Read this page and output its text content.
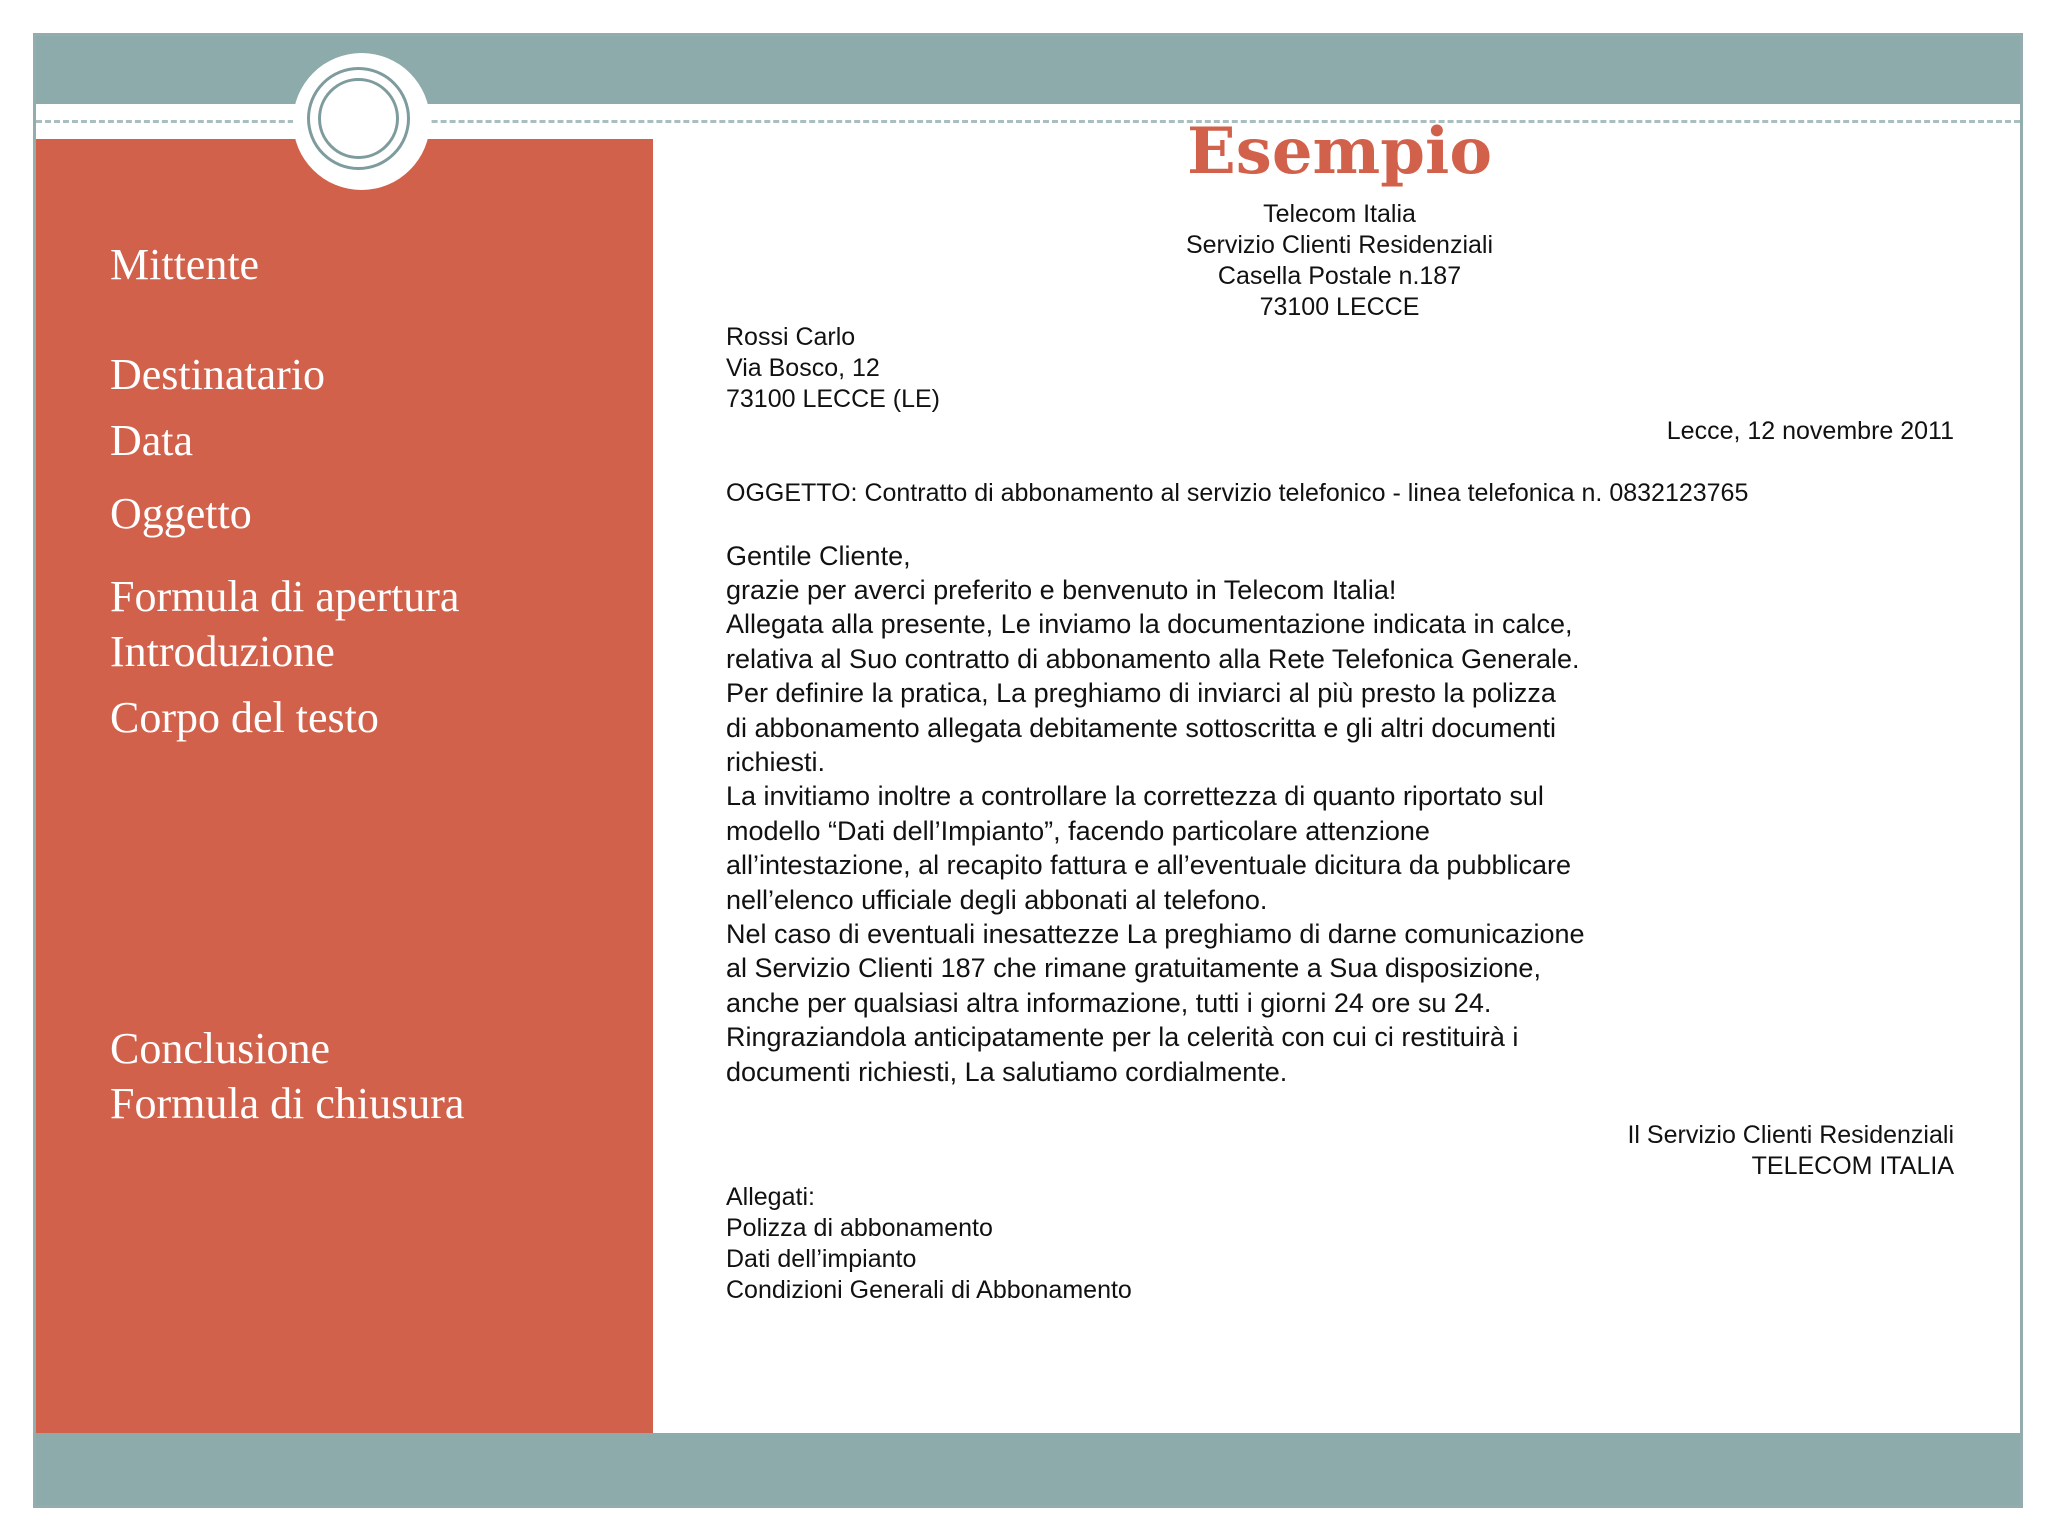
Mittente
Destinatario
Data
Oggetto
Formula di apertura
Introduzione
Corpo del testo
Conclusione
Formula di chiusura
Esempio
Telecom Italia
Servizio Clienti Residenziali
Casella Postale n.187
73100 LECCE
Rossi Carlo
Via Bosco, 12
73100 LECCE (LE)
Lecce, 12 novembre 2011
OGGETTO: Contratto di abbonamento al servizio telefonico - linea telefonica n. 0832123765
Gentile Cliente,
grazie per averci preferito e benvenuto in Telecom Italia!
Allegata alla presente, Le inviamo la documentazione indicata in calce,
relativa al Suo contratto di abbonamento alla Rete Telefonica Generale.
Per definire la pratica, La preghiamo di inviarci al più presto la polizza
di abbonamento allegata debitamente sottoscritta e gli altri documenti
richiesti.
La invitiamo inoltre a controllare la correttezza di quanto riportato sul
modello “Dati dell’Impianto”, facendo particolare attenzione
all’intestazione, al recapito fattura e all’eventuale dicitura da pubblicare
nell’elenco ufficiale degli abbonati al telefono.
Nel caso di eventuali inesattezze La preghiamo di darne comunicazione
al Servizio Clienti 187 che rimane gratuitamente a Sua disposizione,
anche per qualsiasi altra informazione, tutti i giorni 24 ore su 24.
Ringraziandola anticipatamente per la celerità con cui ci restituirà i
documenti richiesti, La salutiamo cordialmente.
Il Servizio Clienti Residenziali
TELECOM ITALIA
Allegati:
Polizza di abbonamento
Dati dell’impianto
Condizioni Generali di Abbonamento
